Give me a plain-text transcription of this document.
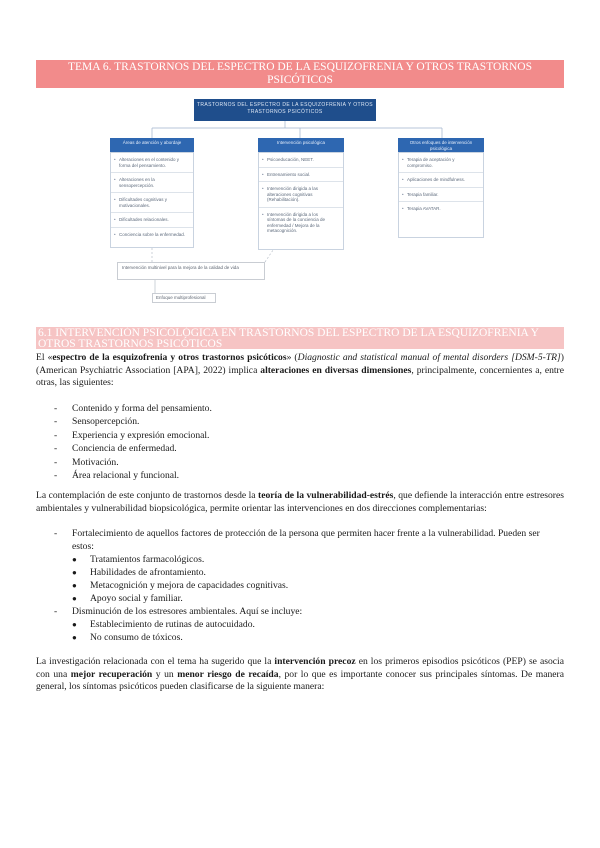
TEMA 6. TRASTORNOS DEL ESPECTRO DE LA ESQUIZOFRENIA Y OTROS TRASTORNOS PSICÓTICOS
TRASTORNOS DEL ESPECTRO DE LA ESQUIZOFRENIA Y OTROS TRASTORNOS PSICÓTICOS
Áreas de atención y abordaje
• Alteraciones en el contenido y forma del pensamiento.
• Alteraciones en la sensopercepción.
• Dificultades cognitivas y motivacionales.
• Dificultades relacionales.
• Conciencia sobre la enfermedad.
Intervención psicológica
• Psicoeducación, NEET.
• Entrenamiento social.
• Intervención dirigida a las alteraciones cognitivas (Rehabilitación).
• Intervención dirigida a los síntomas de la conciencia de enfermedad / Mejora de la metacognición.
Otros enfoques de intervención psicológica
• Terapia de aceptación y compromiso.
• Aplicaciones de mindfulness.
• Terapia familiar.
• Terapia AVATAR.
Intervención multinivel para la mejora de la calidad de vida
Enfoque multiprofesional
6.1 INTERVENCIÓN PSICOLÓGICA EN TRASTORNOS DEL ESPECTRO DE LA ESQUIZOFRENIA Y OTROS TRASTORNOS PSICÓTICOS

El «espectro de la esquizofrenia y otros trastornos psicóticos» (Diagnostic and statistical manual of mental disorders [DSM-5-TR]) (American Psychiatric Association [APA], 2022) implica alteraciones en diversas dimensiones, principalmente, concernientes a, entre otras, las siguientes:

- Contenido y forma del pensamiento.
- Sensopercepción.
- Experiencia y expresión emocional.
- Conciencia de enfermedad.
- Motivación.
- Área relacional y funcional.

La contemplación de este conjunto de trastornos desde la teoría de la vulnerabilidad-estrés, que defiende la interacción entre estresores ambientales y vulnerabilidad biopsicológica, permite orientar las intervenciones en dos direcciones complementarias:

- Fortalecimiento de aquellos factores de protección de la persona que permiten hacer frente a la vulnerabilidad. Pueden ser estos:
● Tratamientos farmacológicos.
● Habilidades de afrontamiento.
● Metacognición y mejora de capacidades cognitivas.
● Apoyo social y familiar.
- Disminución de los estresores ambientales. Aquí se incluye:
● Establecimiento de rutinas de autocuidado.
● No consumo de tóxicos.

La investigación relacionada con el tema ha sugerido que la intervención precoz en los primeros episodios psicóticos (PEP) se asocia con una mejor recuperación y un menor riesgo de recaída, por lo que es importante conocer sus principales síntomas. De manera general, los síntomas psicóticos pueden clasificarse de la siguiente manera:
